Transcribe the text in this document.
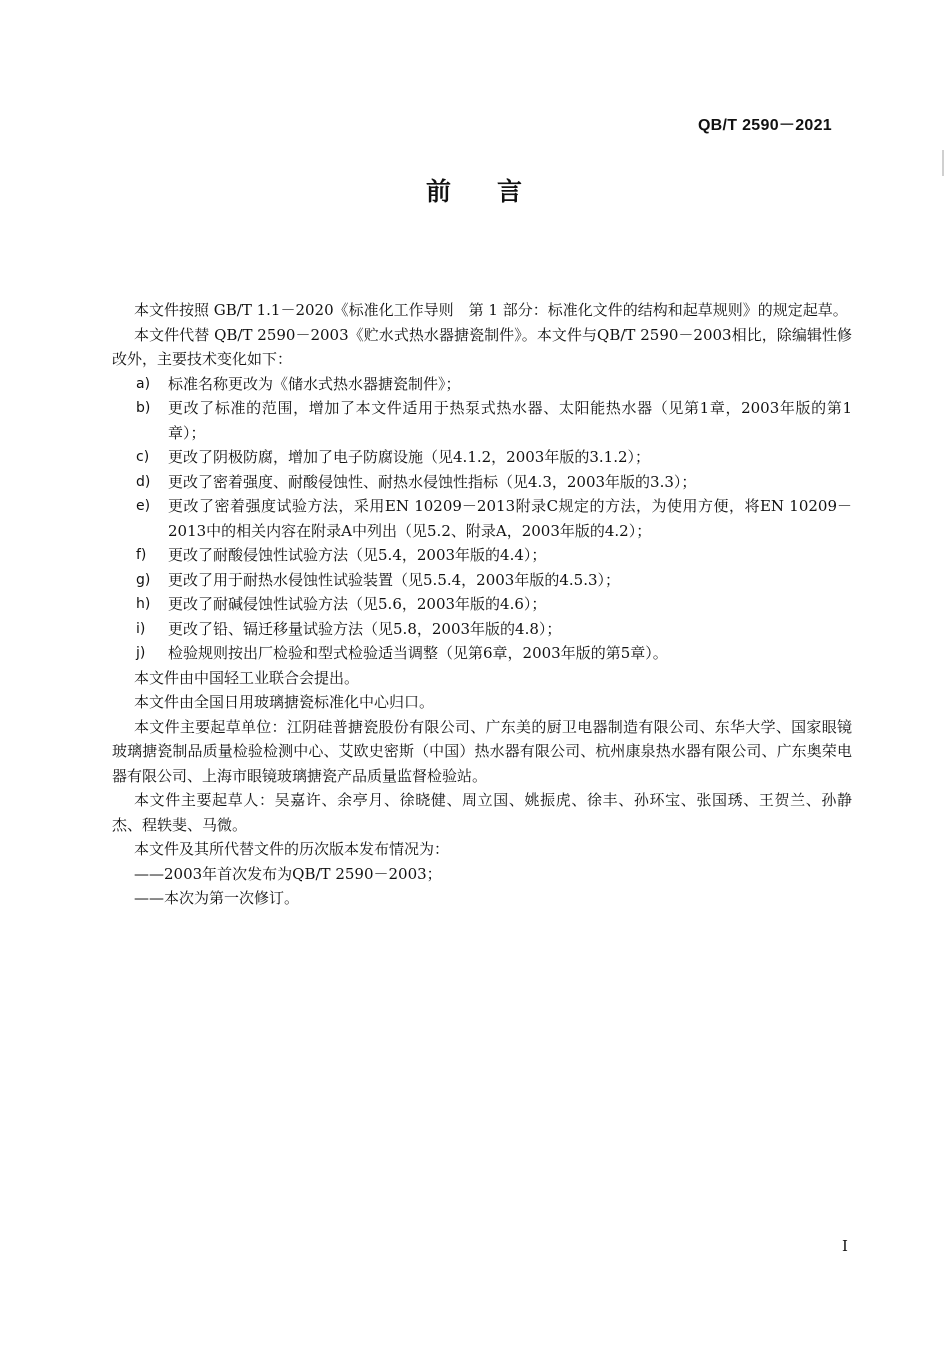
QB/T 2590－2021
前 言

本文件按照 GB/T 1.1－2020《标准化工作导则　第 1 部分：标准化文件的结构和起草规则》的规定起草。

本文件代替 QB/T 2590－2003《贮水式热水器搪瓷制件》。本文件与QB/T 2590－2003相比，除编辑性修改外，主要技术变化如下：

a) 标准名称更改为《储水式热水器搪瓷制件》；
b) 更改了标准的范围，增加了本文件适用于热泵式热水器、太阳能热水器（见第1章，2003年版的第1章）；
c) 更改了阴极防腐，增加了电子防腐设施（见4.1.2，2003年版的3.1.2）；
d) 更改了密着强度、耐酸侵蚀性、耐热水侵蚀性指标（见4.3，2003年版的3.3）；
e) 更改了密着强度试验方法，采用EN 10209－2013附录C规定的方法，为使用方便，将EN 10209－2013中的相关内容在附录A中列出（见5.2、附录A，2003年版的4.2）；
f) 更改了耐酸侵蚀性试验方法（见5.4，2003年版的4.4）；
g) 更改了用于耐热水侵蚀性试验装置（见5.5.4，2003年版的4.5.3）；
h) 更改了耐碱侵蚀性试验方法（见5.6，2003年版的4.6）；
i) 更改了铅、镉迁移量试验方法（见5.8，2003年版的4.8）；
j) 检验规则按出厂检验和型式检验适当调整（见第6章，2003年版的第5章）。

本文件由中国轻工业联合会提出。

本文件由全国日用玻璃搪瓷标准化中心归口。

本文件主要起草单位：江阴硅普搪瓷股份有限公司、广东美的厨卫电器制造有限公司、东华大学、国家眼镜玻璃搪瓷制品质量检验检测中心、艾欧史密斯（中国）热水器有限公司、杭州康泉热水器有限公司、广东奥荣电器有限公司、上海市眼镜玻璃搪瓷产品质量监督检验站。

本文件主要起草人：吴嘉许、余亭月、徐晓健、周立国、姚振虎、徐丰、孙环宝、张国琇、王贺兰、孙静杰、程轶斐、马微。

本文件及其所代替文件的历次版本发布情况为：

——2003年首次发布为QB/T 2590－2003；

——本次为第一次修订。

I
